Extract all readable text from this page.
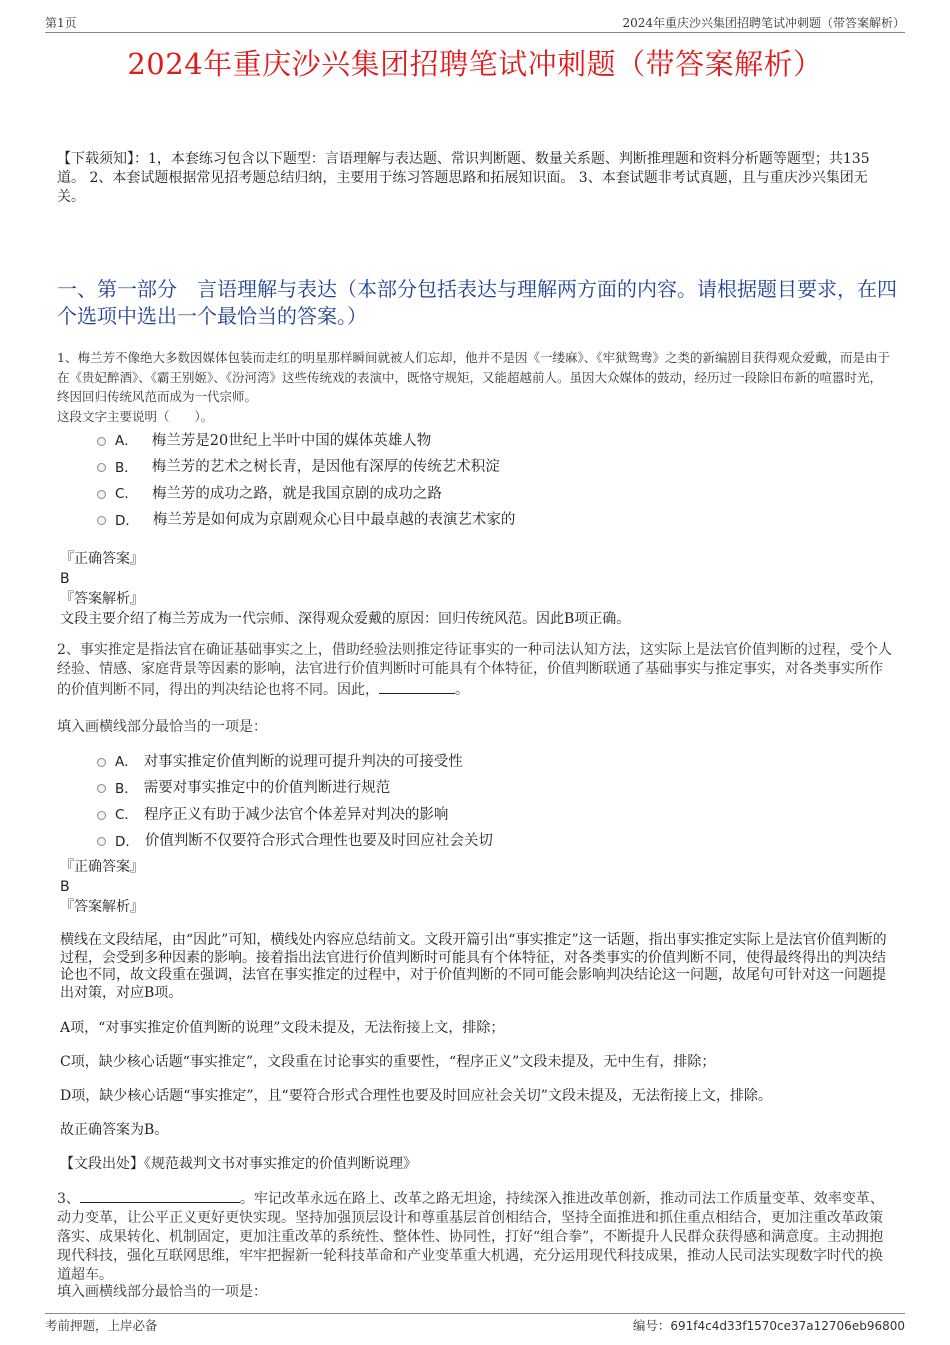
第1页	2024年重庆沙兴集团招聘笔试冲刺题（带答案解析）
2024年重庆沙兴集团招聘笔试冲刺题（带答案解析）
【下载须知】：1，本套练习包含以下题型：言语理解与表达题、常识判断题、数量关系题、判断推理题和资料分析题等题型；共135道。 2、本套试题根据常见招考题总结归纳，主要用于练习答题思路和拓展知识面。 3、本套试题非考试真题，且与重庆沙兴集团无关。
一、第一部分　言语理解与表达（本部分包括表达与理解两方面的内容。请根据题目要求，在四个选项中选出一个最恰当的答案。）
1、梅兰芳不像绝大多数因媒体包装而走红的明星那样瞬间就被人们忘却，他并不是因《一缕麻》、《牢狱鸳鸯》之类的新编剧目获得观众爱戴，而是由于在《贵妃醉酒》、《霸王别姬》、《汾河湾》这些传统戏的表演中，既恪守规矩，又能超越前人。虽因大众媒体的鼓动，经历过一段除旧布新的喧嚣时光，终因回归传统风范而成为一代宗师。
这段文字主要说明（　　）。
A． 梅兰芳是20世纪上半叶中国的媒体英雄人物
B． 梅兰芳的艺术之树长青，是因他有深厚的传统艺术积淀
C． 梅兰芳的成功之路，就是我国京剧的成功之路
D． 梅兰芳是如何成为京剧观众心目中最卓越的表演艺术家的
『正确答案』
B
『答案解析』
文段主要介绍了梅兰芳成为一代宗师、深得观众爱戴的原因：回归传统风范。因此B项正确。
2、事实推定是指法官在确证基础事实之上，借助经验法则推定待证事实的一种司法认知方法，这实际上是法官价值判断的过程，受个人经验、情感、家庭背景等因素的影响，法官进行价值判断时可能具有个体特征，价值判断联通了基础事实与推定事实，对各类事实所作的价值判断不同，得出的判决结论也将不同。因此，	。
填入画横线部分最恰当的一项是：
A． 对事实推定价值判断的说理可提升判决的可接受性
B． 需要对事实推定中的价值判断进行规范
C． 程序正义有助于减少法官个体差异对判决的影响
D． 价值判断不仅要符合形式合理性也要及时回应社会关切
『正确答案』
B
『答案解析』
横线在文段结尾，由“因此”可知，横线处内容应总结前文。文段开篇引出“事实推定”这一话题，指出事实推定实际上是法官价值判断的过程，会受到多种因素的影响。接着指出法官进行价值判断时可能具有个体特征，对各类事实的价值判断不同，使得最终得出的判决结论也不同，故文段重在强调，法官在事实推定的过程中，对于价值判断的不同可能会影响判决结论这一问题，故尾句可针对这一问题提出对策，对应B项。
A项，“对事实推定价值判断的说理”文段未提及，无法衔接上文，排除；
C项，缺少核心话题“事实推定”，文段重在讨论事实的重要性，“程序正义”文段未提及，无中生有，排除；
D项，缺少核心话题“事实推定”，且“要符合形式合理性也要及时回应社会关切”文段未提及，无法衔接上文，排除。
故正确答案为B。
【文段出处】《规范裁判文书对事实推定的价值判断说理》
3、	。牢记改革永远在路上、改革之路无坦途，持续深入推进改革创新，推动司法工作质量变革、效率变革、动力变革，让公平正义更好更快实现。坚持加强顶层设计和尊重基层首创相结合，坚持全面推进和抓住重点相结合，更加注重改革政策落实、成果转化、机制固定，更加注重改革的系统性、整体性、协同性，打好“组合拳”，不断提升人民群众获得感和满意度。主动拥抱现代科技，强化互联网思维，牢牢把握新一轮科技革命和产业变革重大机遇，充分运用现代科技成果，推动人民司法实现数字时代的换道超车。
填入画横线部分最恰当的一项是：
考前押题，上岸必备	编号：691f4c4d33f1570ce37a12706eb96800
